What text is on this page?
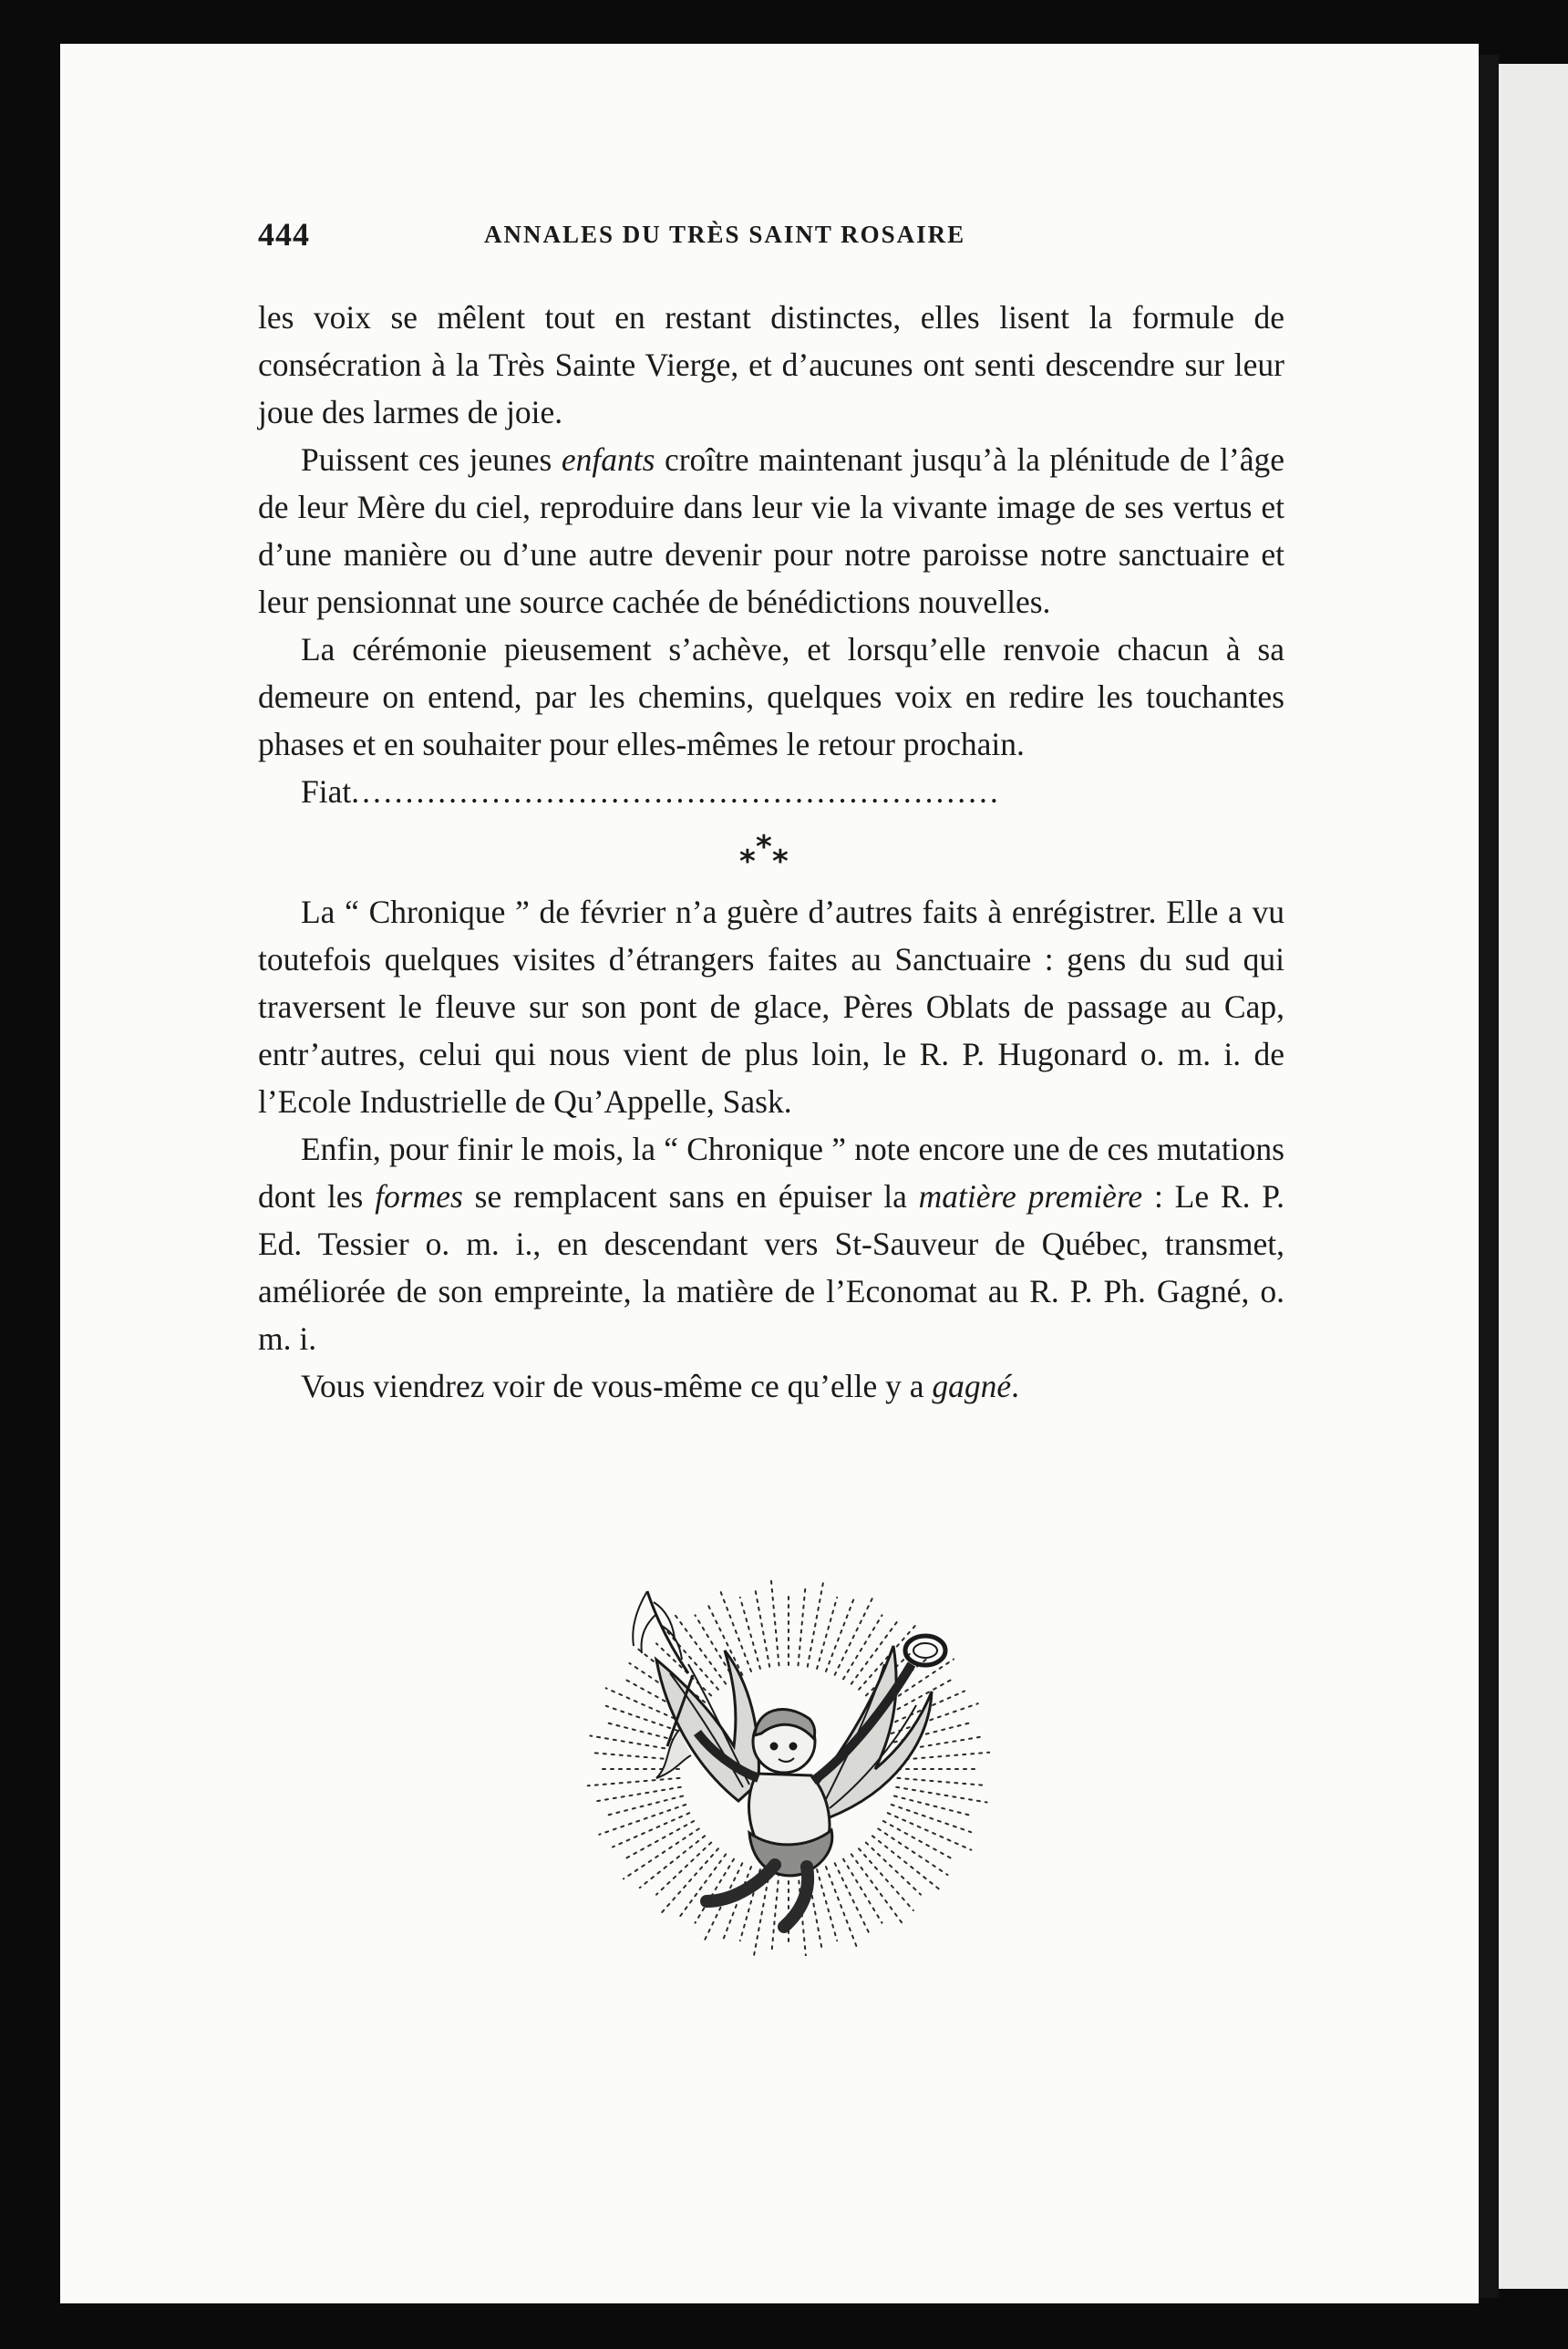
444	ANNALES DU TRÈS SAINT ROSAIRE

les voix se mêlent tout en restant distinctes, elles lisent la formule de consécration à la Très Sainte Vierge, et d’aucunes ont senti descendre sur leur joue des larmes de joie.

Puissent ces jeunes enfants croître maintenant jusqu’à la plénitude de l’âge de leur Mère du ciel, reproduire dans leur vie la vivante image de ses vertus et d’une manière ou d’une autre devenir pour notre paroisse notre sanctuaire et leur pensionnat une source cachée de bénédictions nouvelles.

La cérémonie pieusement s’achève, et lorsqu’elle renvoie chacun à sa demeure on entend, par les chemins, quelques voix en redire les touchantes phases et en souhaiter pour elles-mêmes le retour prochain.

Fiat............................................................

* * *

La “ Chronique ” de février n’a guère d’autres faits à enrégistrer. Elle a vu toutefois quelques visites d’étrangers faites au Sanctuaire : gens du sud qui traversent le fleuve sur son pont de glace, Pères Oblats de passage au Cap, entr’autres, celui qui nous vient de plus loin, le R. P. Hugonard o. m. i. de l’Ecole Industrielle de Qu’Appelle, Sask.

Enfin, pour finir le mois, la “ Chronique ” note encore une de ces mutations dont les formes se remplacent sans en épuiser la matière première : Le R. P. Ed. Tessier o. m. i., en descendant vers St-Sauveur de Québec, transmet, améliorée de son empreinte, la matière de l’Economat au R. P. Ph. Gagné, o. m. i.

Vous viendrez voir de vous-même ce qu’elle y a gagné.
